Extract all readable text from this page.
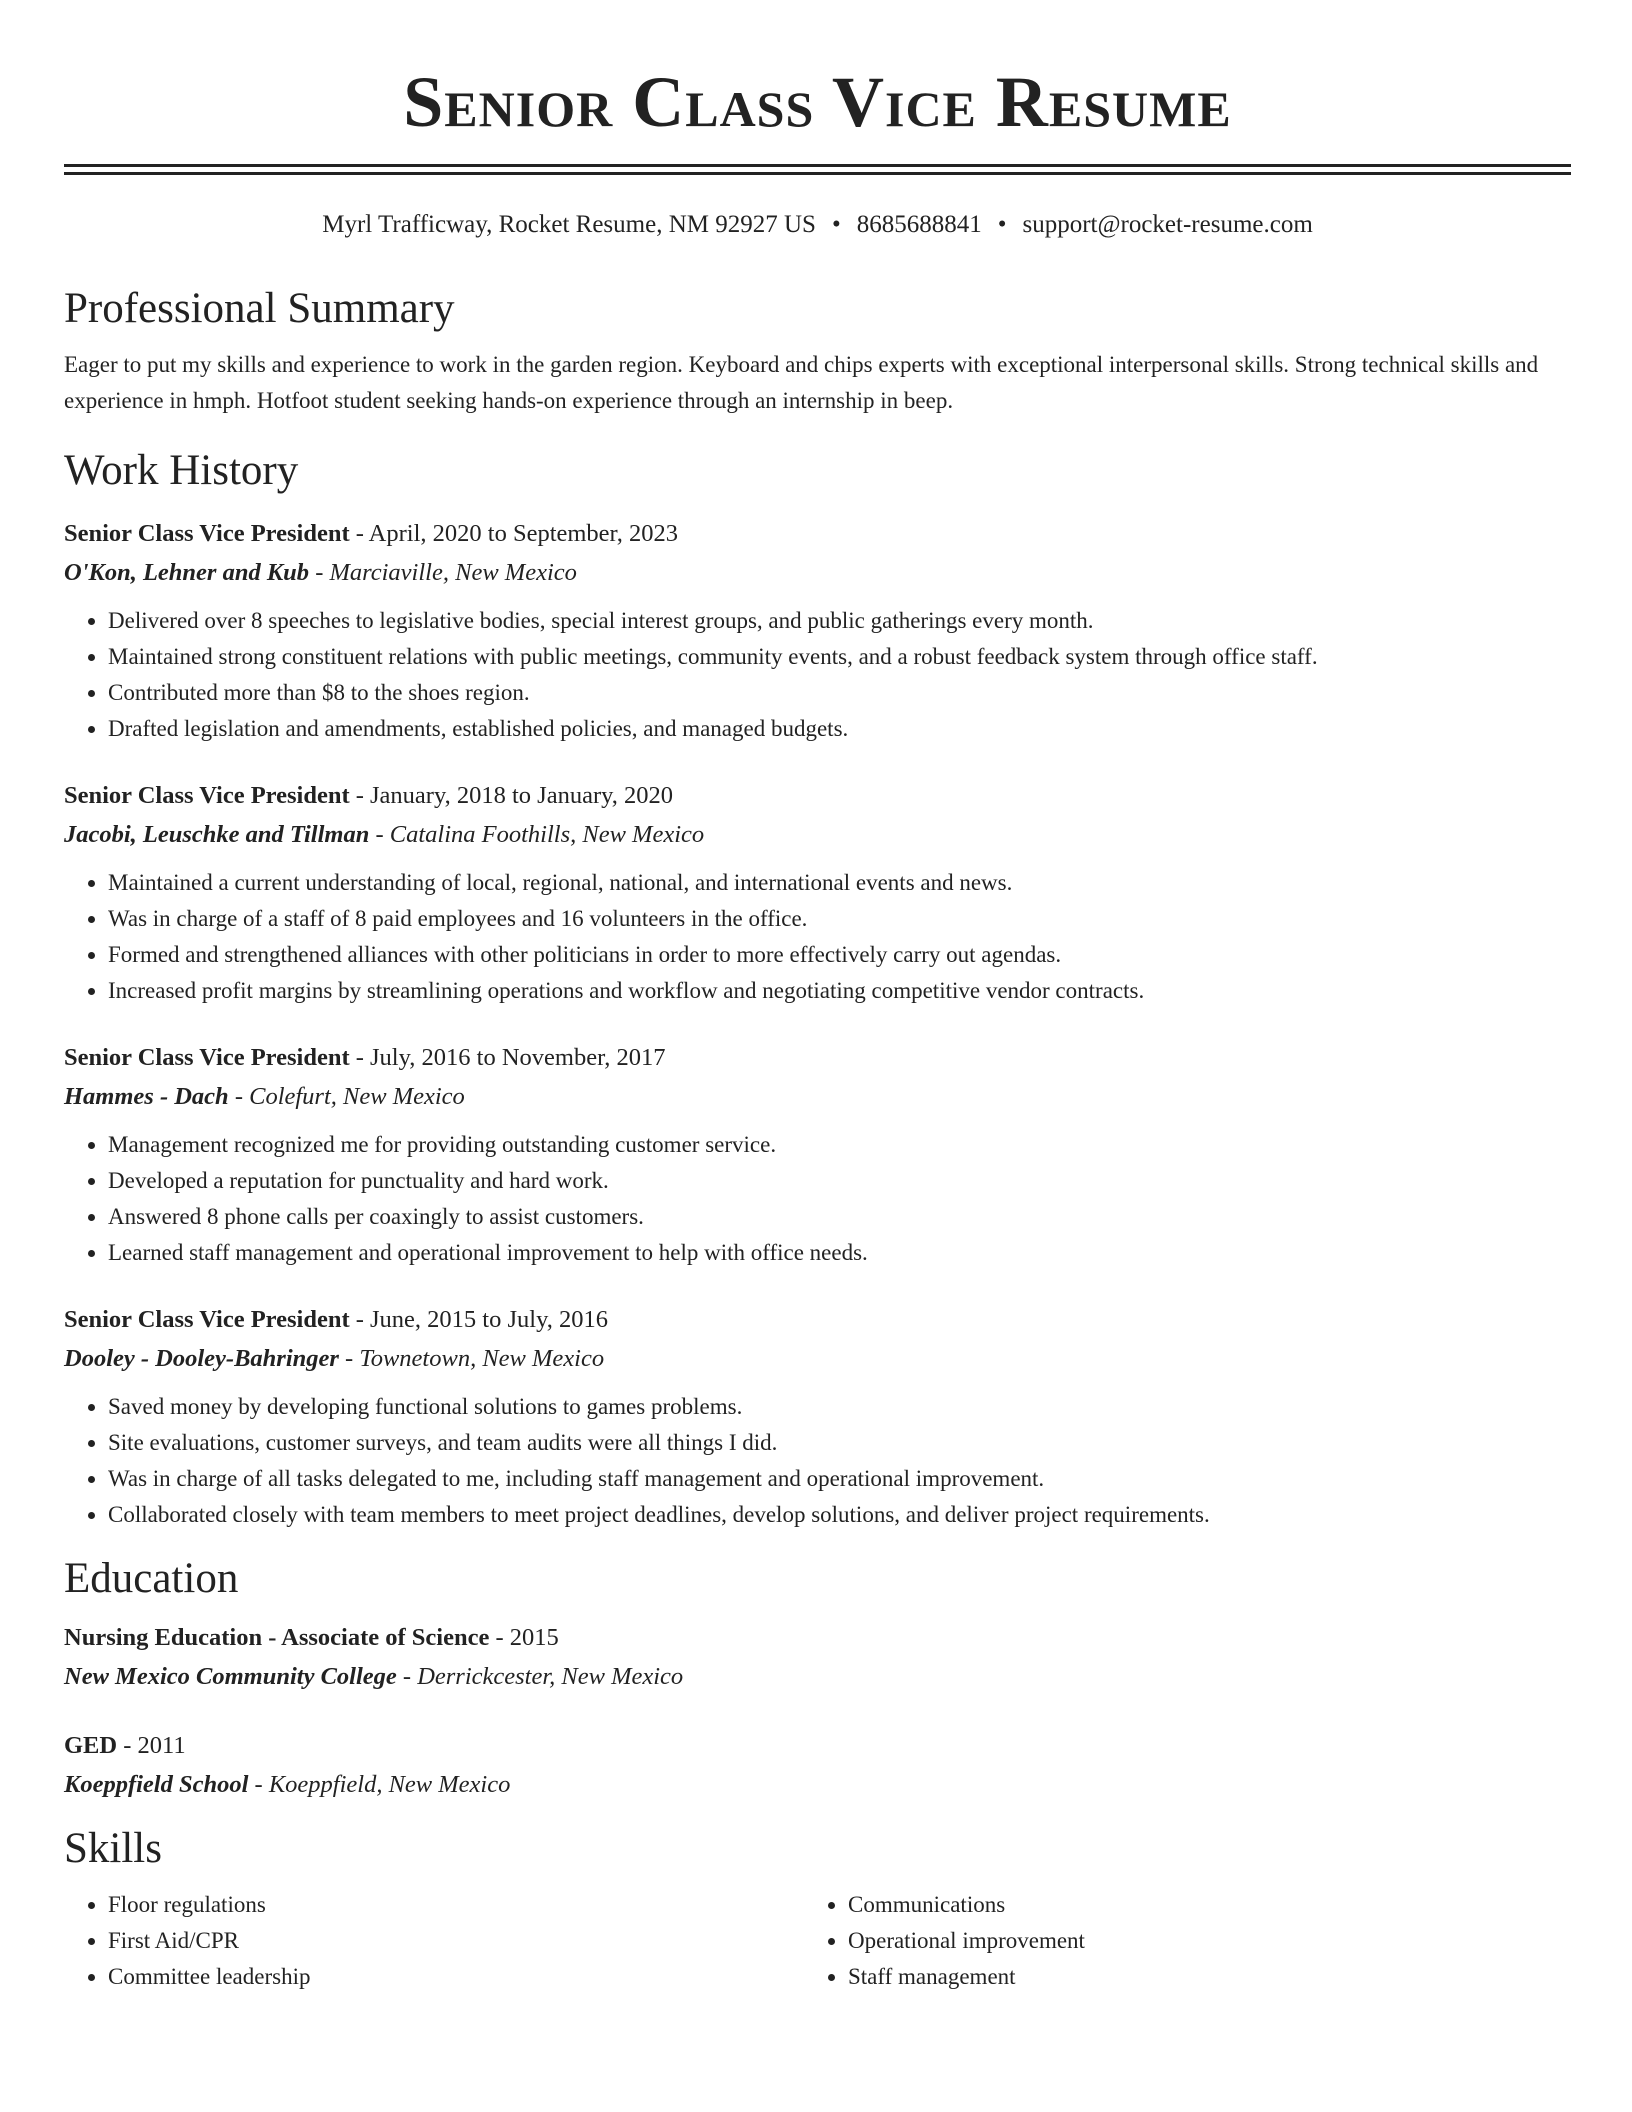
Senior Class Vice Resume
Myrl Trafficway, Rocket Resume, NM 92927 US • 8685688841 • support@rocket-resume.com
Professional Summary
Eager to put my skills and experience to work in the garden region. Keyboard and chips experts with exceptional interpersonal skills. Strong technical skills and experience in hmph. Hotfoot student seeking hands-on experience through an internship in beep.
Work History
Senior Class Vice President - April, 2020 to September, 2023
O'Kon, Lehner and Kub - Marciaville, New Mexico
• Delivered over 8 speeches to legislative bodies, special interest groups, and public gatherings every month.
• Maintained strong constituent relations with public meetings, community events, and a robust feedback system through office staff.
• Contributed more than $8 to the shoes region.
• Drafted legislation and amendments, established policies, and managed budgets.
Senior Class Vice President - January, 2018 to January, 2020
Jacobi, Leuschke and Tillman - Catalina Foothills, New Mexico
• Maintained a current understanding of local, regional, national, and international events and news.
• Was in charge of a staff of 8 paid employees and 16 volunteers in the office.
• Formed and strengthened alliances with other politicians in order to more effectively carry out agendas.
• Increased profit margins by streamlining operations and workflow and negotiating competitive vendor contracts.
Senior Class Vice President - July, 2016 to November, 2017
Hammes - Dach - Colefurt, New Mexico
• Management recognized me for providing outstanding customer service.
• Developed a reputation for punctuality and hard work.
• Answered 8 phone calls per coaxingly to assist customers.
• Learned staff management and operational improvement to help with office needs.
Senior Class Vice President - June, 2015 to July, 2016
Dooley - Dooley-Bahringer - Townetown, New Mexico
• Saved money by developing functional solutions to games problems.
• Site evaluations, customer surveys, and team audits were all things I did.
• Was in charge of all tasks delegated to me, including staff management and operational improvement.
• Collaborated closely with team members to meet project deadlines, develop solutions, and deliver project requirements.
Education
Nursing Education - Associate of Science - 2015
New Mexico Community College - Derrickcester, New Mexico
GED - 2011
Koeppfield School - Koeppfield, New Mexico
Skills
• Floor regulations
• First Aid/CPR
• Committee leadership
• Communications
• Operational improvement
• Staff management
